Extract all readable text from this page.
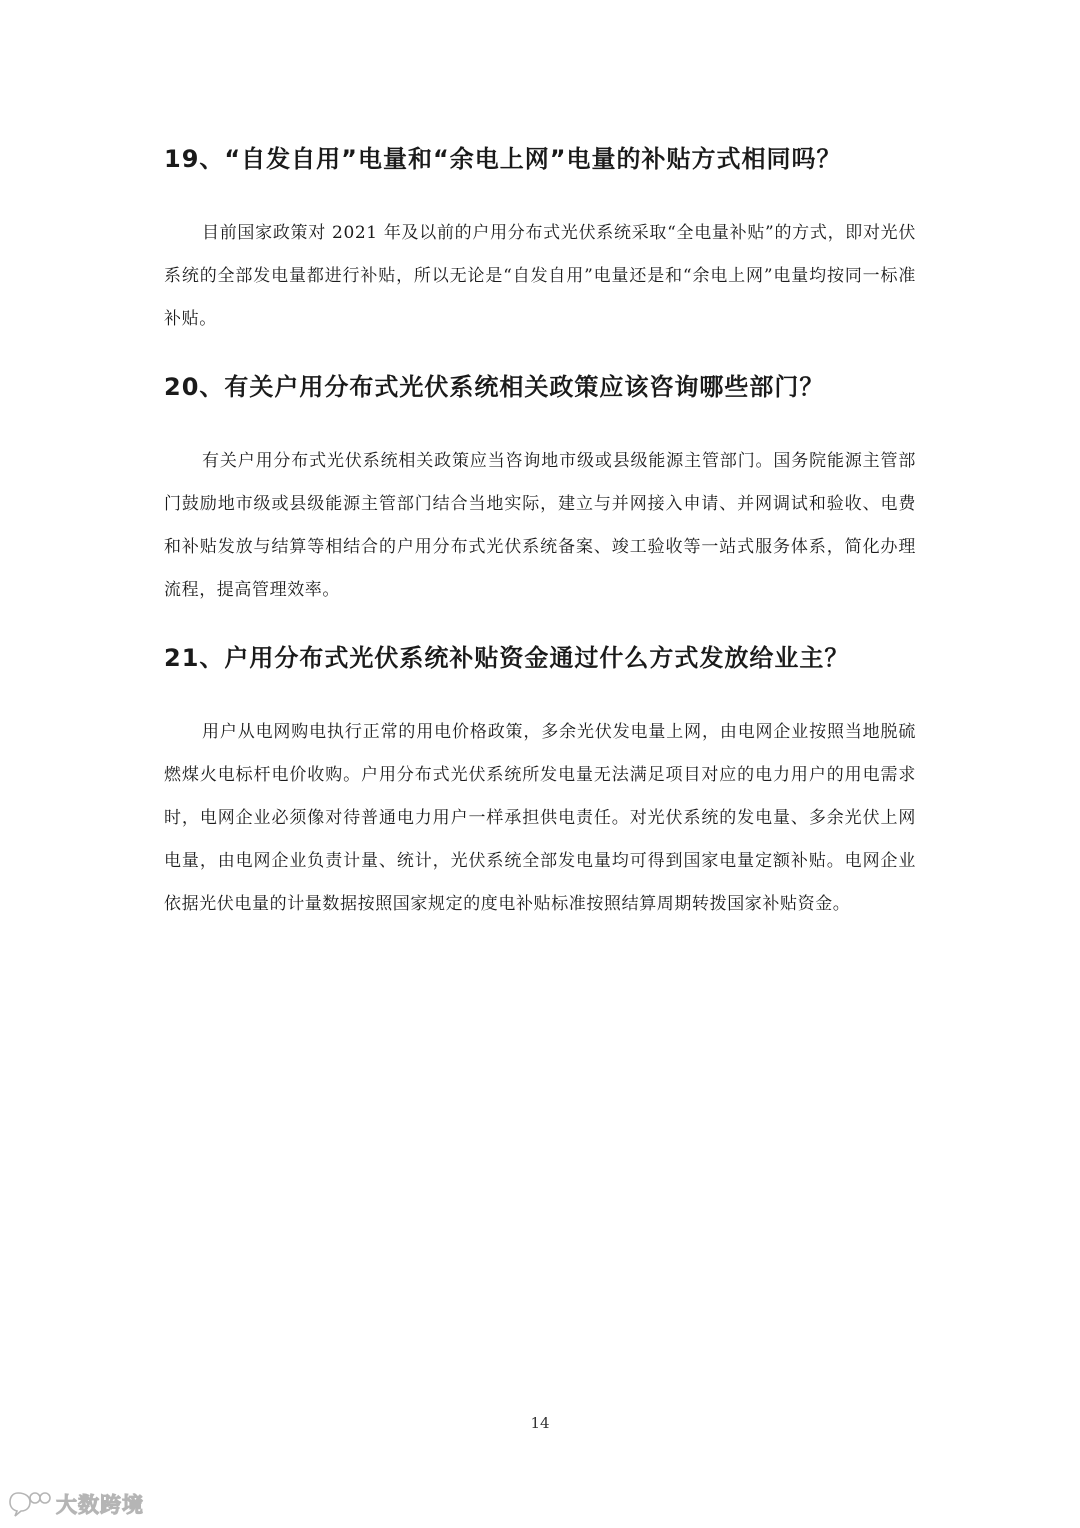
19、“自发自用”电量和“余电上网”电量的补贴方式相同吗？

目前国家政策对 2021 年及以前的户用分布式光伏系统采取“全电量补贴”的方式，即对光伏系统的全部发电量都进行补贴，所以无论是“自发自用”电量还是和“余电上网”电量均按同一标准补贴。

20、有关户用分布式光伏系统相关政策应该咨询哪些部门？

有关户用分布式光伏系统相关政策应当咨询地市级或县级能源主管部门。国务院能源主管部门鼓励地市级或县级能源主管部门结合当地实际，建立与并网接入申请、并网调试和验收、电费和补贴发放与结算等相结合的户用分布式光伏系统备案、竣工验收等一站式服务体系，简化办理流程，提高管理效率。

21、户用分布式光伏系统补贴资金通过什么方式发放给业主？

用户从电网购电执行正常的用电价格政策，多余光伏发电量上网，由电网企业按照当地脱硫燃煤火电标杆电价收购。户用分布式光伏系统所发电量无法满足项目对应的电力用户的用电需求时，电网企业必须像对待普通电力用户一样承担供电责任。对光伏系统的发电量、多余光伏上网电量，由电网企业负责计量、统计，光伏系统全部发电量均可得到国家电量定额补贴。电网企业依据光伏电量的计量数据按照国家规定的度电补贴标准按照结算周期转拨国家补贴资金。

14
大数跨境
